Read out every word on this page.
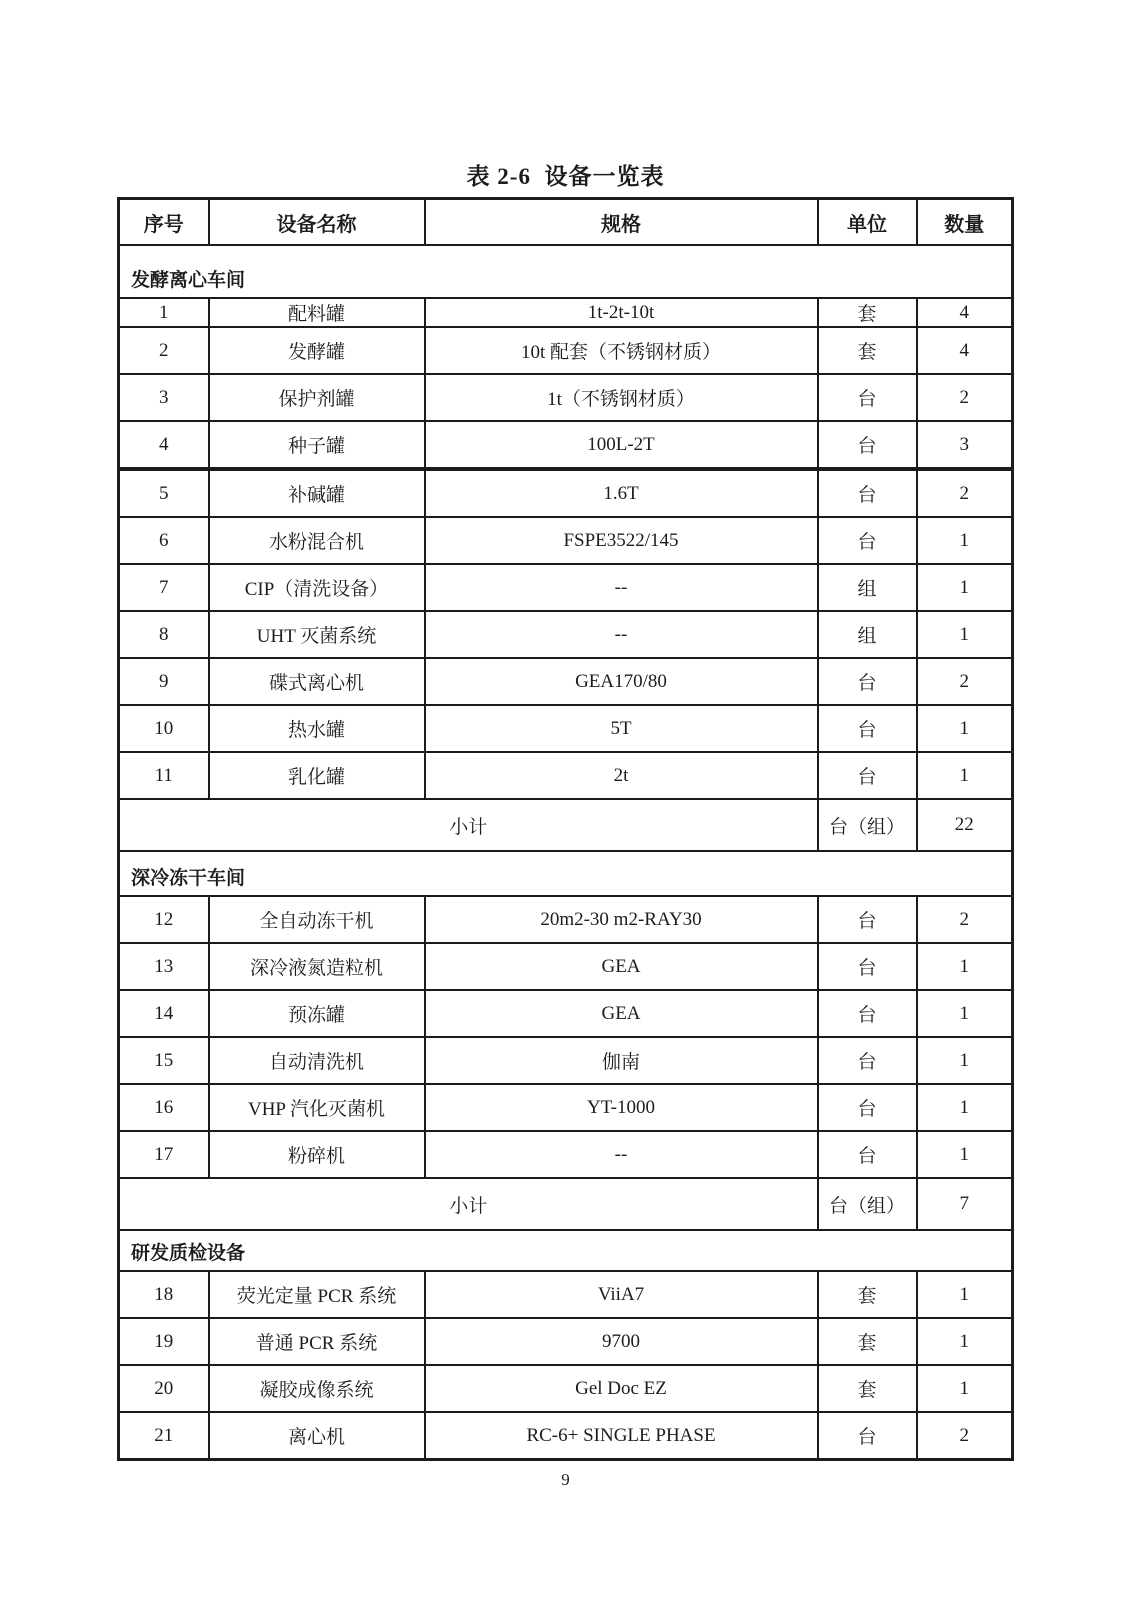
表 2-6  设备一览表

序号	设备名称	规格	单位	数量
发酵离心车间				
1	配料罐	1t-2t-10t	套	4
2	发酵罐	10t 配套（不锈钢材质）	套	4
3	保护剂罐	1t（不锈钢材质）	台	2
4	种子罐	100L-2T	台	3
5	补碱罐	1.6T	台	2
6	水粉混合机	FSPE3522/145	台	1
7	CIP（清洗设备）	--	组	1
8	UHT 灭菌系统	--	组	1
9	碟式离心机	GEA170/80	台	2
10	热水罐	5T	台	1
11	乳化罐	2t	台	1
小计			台（组）	22
深冷冻干车间				
12	全自动冻干机	20m2-30 m2-RAY30	台	2
13	深冷液氮造粒机	GEA	台	1
14	预冻罐	GEA	台	1
15	自动清洗机	伽南	台	1
16	VHP 汽化灭菌机	YT-1000	台	1
17	粉碎机	--	台	1
小计			台（组）	7
研发质检设备				
18	荧光定量 PCR 系统	ViiA7	套	1
19	普通 PCR 系统	9700	套	1
20	凝胶成像系统	Gel Doc EZ	套	1
21	离心机	RC-6+ SINGLE PHASE	台	2
9
